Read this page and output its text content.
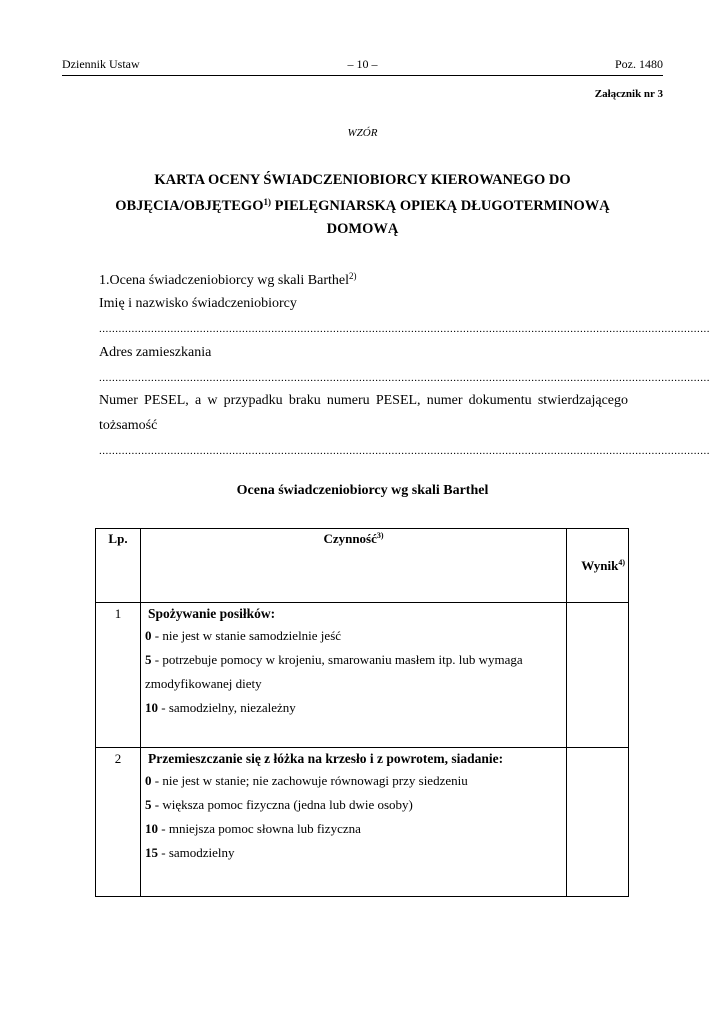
Dziennik Ustaw	– 10 –	Poz. 1480
Załącznik nr 3
WZÓR
KARTA OCENY ŚWIADCZENIOBIORCY KIEROWANEGO DO
OBJĘCIA/OBJĘTEGO$^{1)}$ PIELĘGNIARSKĄ OPIEKĄ DŁUGOTERMINOWĄ
DOMOWĄ
1.Ocena świadczeniobiorcy wg skali Barthel$^{2)}$
Imię i nazwisko świadczeniobiorcy
............................................................................................................................................................................................
Adres zamieszkania
............................................................................................................................................................................................
Numer PESEL, a w przypadku braku numeru PESEL, numer dokumentu stwierdzającego
tożsamość
............................................................................................................................................................................................
Ocena świadczeniobiorcy wg skali Barthel
Lp.	Czynność$^{3)}$	Wynik$^{4)}$
1	Spożywanie posiłków:
0 - nie jest w stanie samodzielnie jeść
5 - potrzebuje pomocy w krojeniu, smarowaniu masłem itp. lub wymaga zmodyfikowanej diety
10 - samodzielny, niezależny	

2	Przemieszczanie się z łóżka na krzesło i z powrotem, siadanie:
0 - nie jest w stanie; nie zachowuje równowagi przy siedzeniu
5 - większa pomoc fizyczna (jedna lub dwie osoby)
10 - mniejsza pomoc słowna lub fizyczna
15 - samodzielny	
